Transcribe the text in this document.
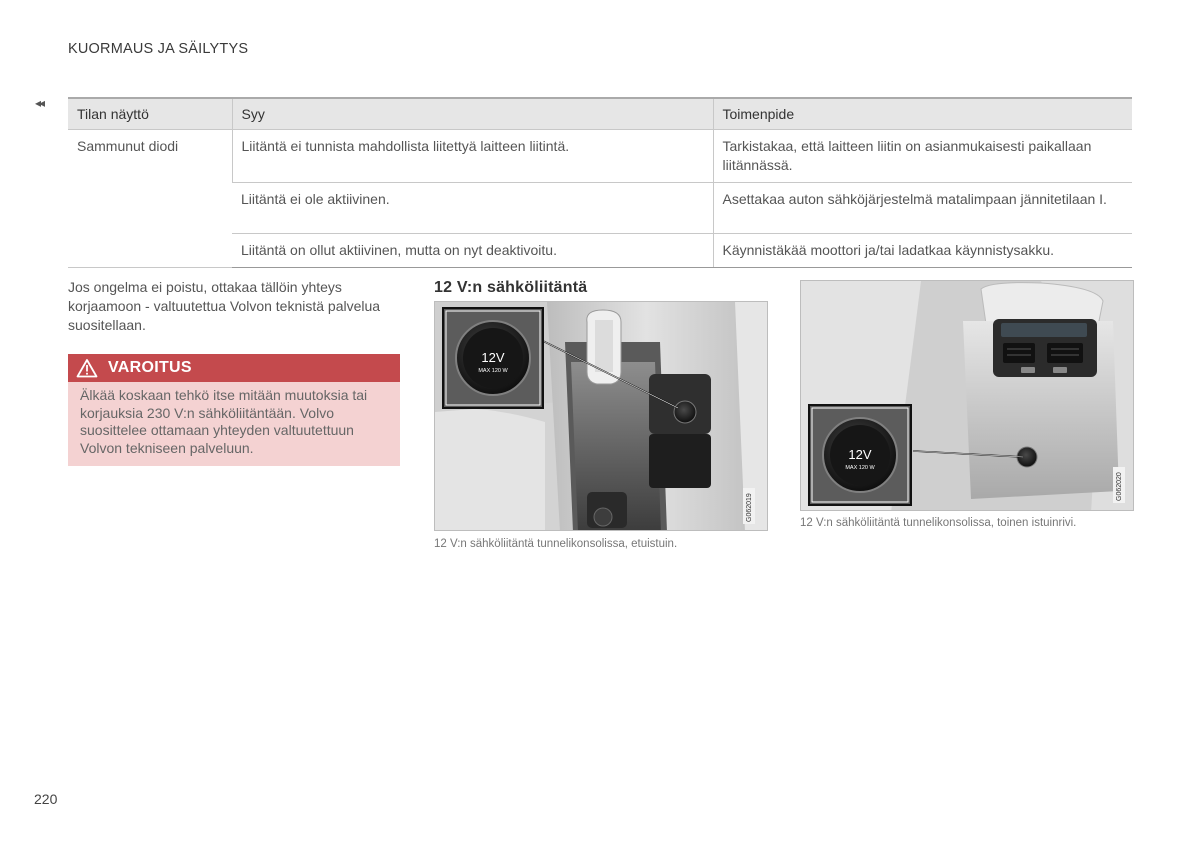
KUORMAUS JA SÄILYTYS
◂◂
Tilan näyttö	Syy	Toimenpide
Sammunut diodi	Liitäntä ei tunnista mahdollista liitettyä laitteen liitintä.	Tarkistakaa, että laitteen liitin on asianmukaisesti paikallaan liitännässä.
	Liitäntä ei ole aktiivinen.	Asettakaa auton sähköjärjestelmä matalimpaan jännitetilaan I.
	Liitäntä on ollut aktiivinen, mutta on nyt deaktivoitu.	Käynnistäkää moottori ja/tai ladatkaa käynnistysakku.

Jos ongelma ei poistu, ottakaa tällöin yhteys korjaamoon - valtuutettua Volvon teknistä palvelua suositellaan.

VAROITUS
Älkää koskaan tehkö itse mitään muutoksia tai korjauksia 230 V:n sähköliitäntään. Volvo suosittelee ottamaan yhteyden valtuutettuun Volvon tekniseen palveluun.
12 V:n sähköliitäntä
12V
MAX 120 W
G062019
12 V:n sähköliitäntä tunnelikonsolissa, etuistuin.
12V
MAX 120 W
G062020
12 V:n sähköliitäntä tunnelikonsolissa, toinen istuinrivi.
220
